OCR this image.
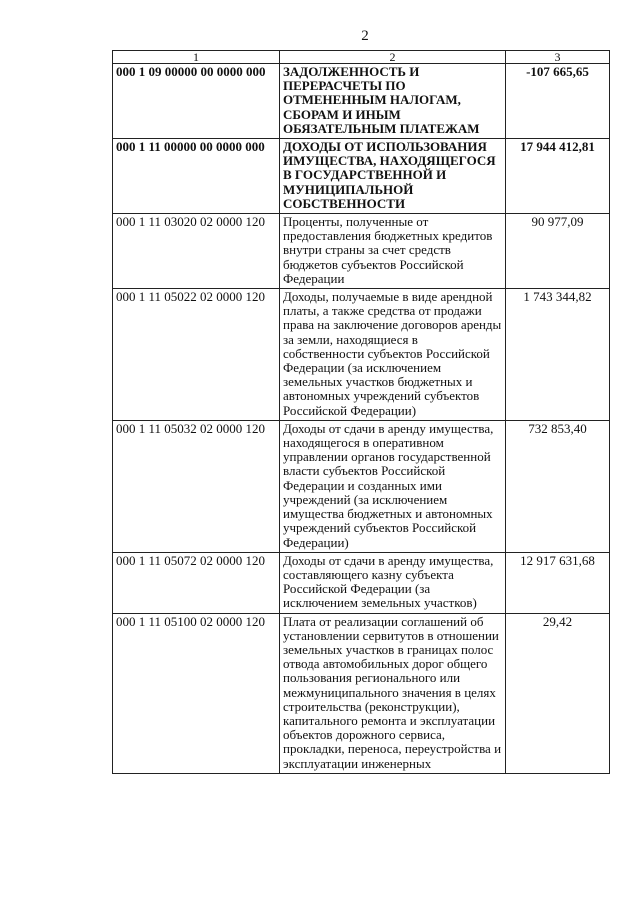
2
1	2	3
000 1 09 00000 00 0000 000	ЗАДОЛЖЕННОСТЬ И ПЕРЕРАСЧЕТЫ ПО ОТМЕНЕННЫМ НАЛОГАМ, СБОРАМ И ИНЫМ ОБЯЗАТЕЛЬНЫМ ПЛАТЕЖАМ	-107 665,65
000 1 11 00000 00 0000 000	ДОХОДЫ ОТ ИСПОЛЬЗОВАНИЯ ИМУЩЕСТВА, НАХОДЯЩЕГОСЯ В ГОСУДАРСТВЕННОЙ И МУНИЦИПАЛЬНОЙ СОБСТВЕННОСТИ	17 944 412,81
000 1 11 03020 02 0000 120	Проценты, полученные от предоставления бюджетных кредитов внутри страны за счет средств бюджетов субъектов Российской Федерации	90 977,09
000 1 11 05022 02 0000 120	Доходы, получаемые в виде арендной платы, а также средства от продажи права на заключение договоров аренды за земли, находящиеся в собственности субъектов Российской Федерации (за исключением земельных участков бюджетных и автономных учреждений субъектов Российской Федерации)	1 743 344,82
000 1 11 05032 02 0000 120	Доходы от сдачи в аренду имущества, находящегося в оперативном управлении органов государственной власти субъектов Российской Федерации и созданных ими учреждений (за исключением имущества бюджетных и автономных учреждений субъектов Российской Федерации)	732 853,40
000 1 11 05072 02 0000 120	Доходы от сдачи в аренду имущества, составляющего казну субъекта Российской Федерации (за исключением земельных участков)	12 917 631,68
000 1 11 05100 02 0000 120	Плата от реализации соглашений об установлении сервитутов в отношении земельных участков в границах полос отвода автомобильных дорог общего пользования регионального или межмуниципального значения в целях строительства (реконструкции), капитального ремонта и эксплуатации объектов дорожного сервиса, прокладки, переноса, переустройства и эксплуатации инженерных	29,42
